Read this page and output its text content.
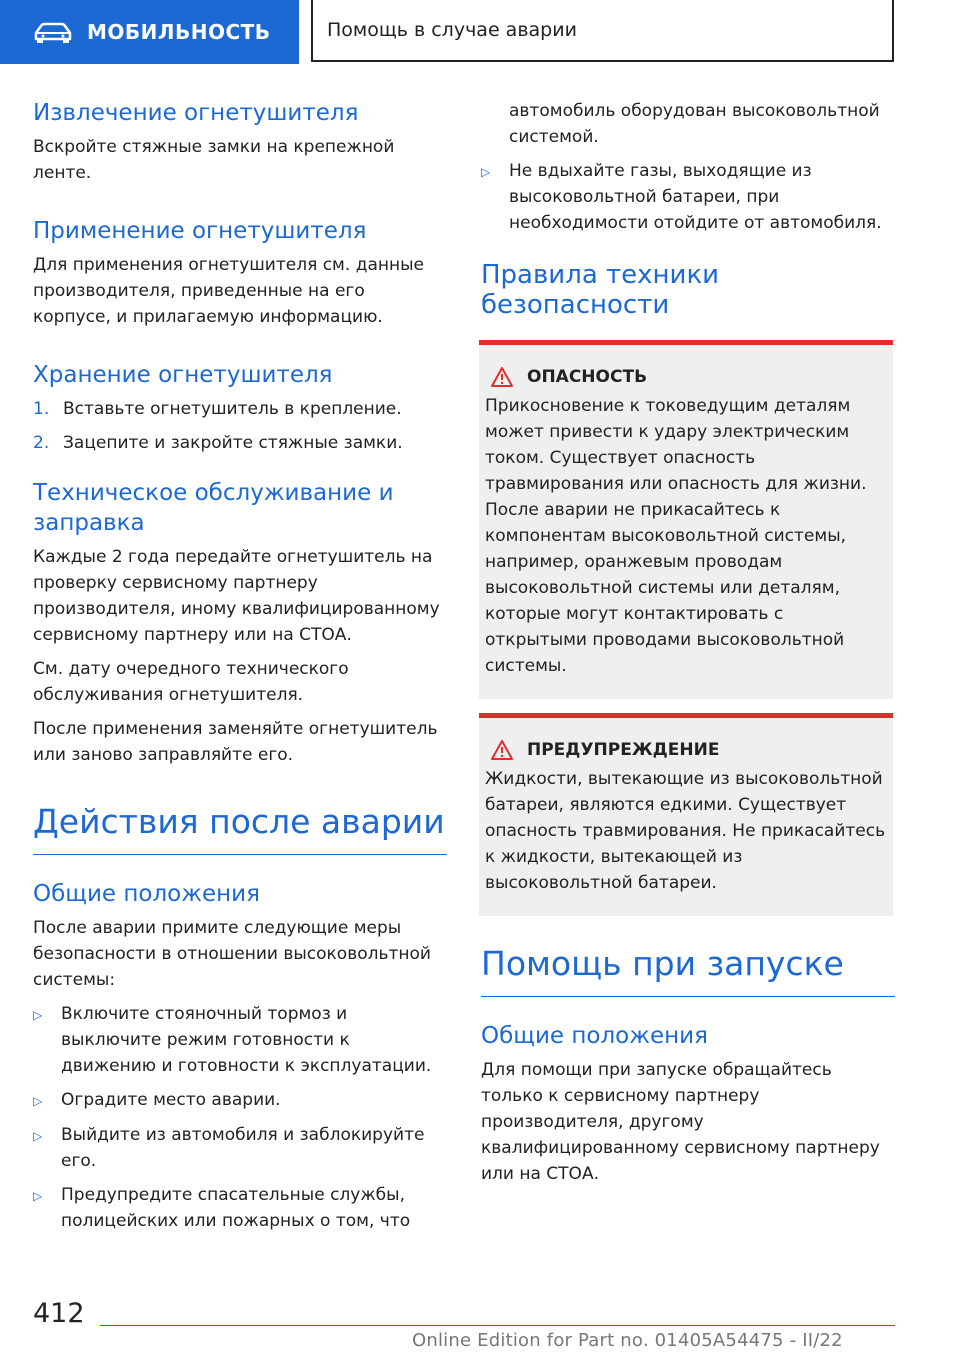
МОБИЛЬНОСТЬ	Помощь в случае аварии
Извлечение огнетушителя

Вскройте стяжные замки на крепежной ленте.

Применение огнетушителя

Для применения огнетушителя см. данные производителя, приведенные на его корпусе, и прилагаемую информацию.

Хранение огнетушителя
1. Вставьте огнетушитель в крепление.
2. Зацепите и закройте стяжные замки.
Техническое обслуживание и заправка

Каждые 2 года передайте огнетушитель на проверку сервисному партнеру производителя, иному квалифицированному сервисному партнеру или на СТОА.

См. дату очередного технического обслуживания огнетушителя.

После применения заменяйте огнетушитель или заново заправляйте его.

Действия после аварии
Общие положения

После аварии примите следующие меры безопасности в отношении высоковольтной системы:

▷	Включите стояночный тормоз и выключите режим готовности к движению и готовности к эксплуатации.
▷	Оградите место аварии.
▷	Выйдите из автомобиля и заблокируйте его.
▷	Предупредите спасательные службы, полицейских или пожарных о том, что

автомобиль оборудован высоковольтной системой.

▷	Не вдыхайте газы, выходящие из высоковольтной батареи, при необходимости отойдите от автомобиля.
Правила техники безопасности
ОПАСНОСТЬ

Прикосновение к токоведущим деталям может привести к удару электрическим током. Существует опасность травмирования или опасность для жизни. После аварии не прикасайтесь к компонентам высоковольтной системы, например, оранжевым проводам высоковольтной системы или деталям, которые могут контактировать с открытыми проводами высоковольтной системы.

ПРЕДУПРЕЖДЕНИЕ

Жидкости, вытекающие из высоковольтной батареи, являются едкими. Существует опасность травмирования. Не прикасайтесь к жидкости, вытекающей из высоковольтной батареи.

Помощь при запуске
Общие положения

Для помощи при запуске обращайтесь только к сервисному партнеру производителя, другому квалифицированному сервисному партнеру или на СТОА.

412
Online Edition for Part no. 01405A54475 - II/22
